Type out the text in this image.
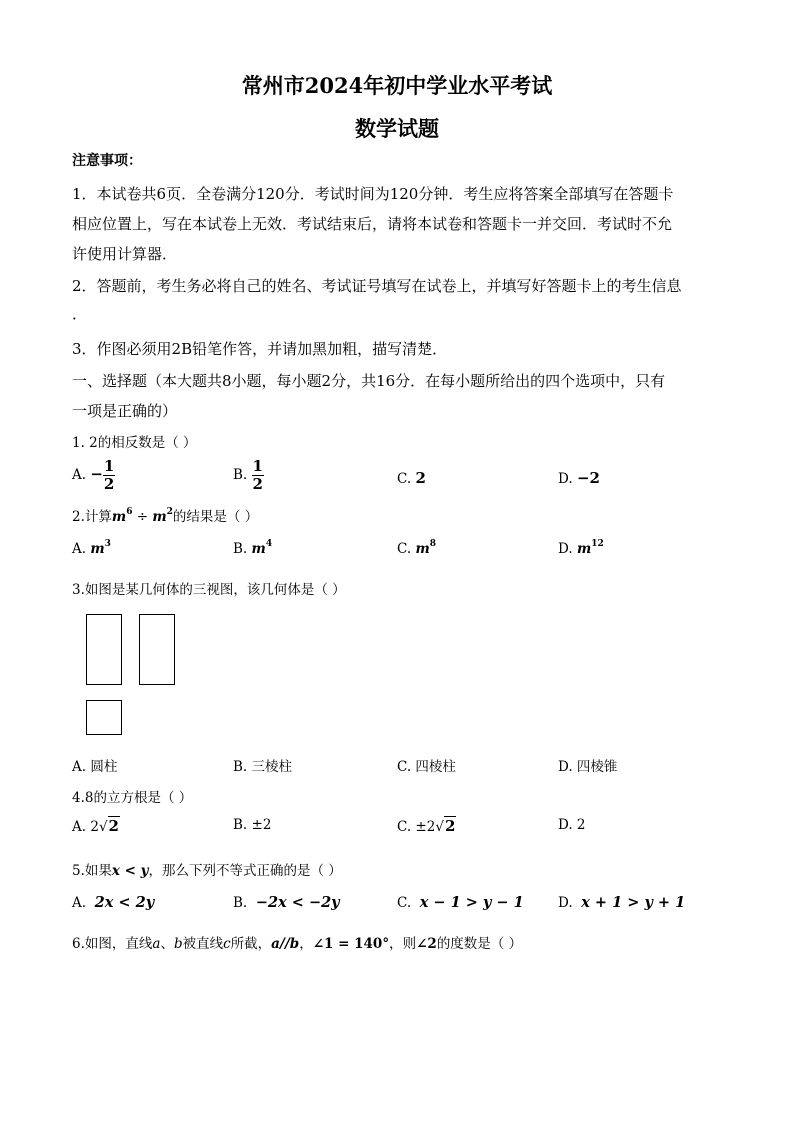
常州市2024年初中学业水平考试
数学试题
注意事项：
1．本试卷共6页．全卷满分120分．考试时间为120分钟．考生应将答案全部填写在答题卡
相应位置上，写在本试卷上无效．考试结束后，请将本试卷和答题卡一并交回．考试时不允
许使用计算器．
2．答题前，考生务必将自己的姓名、考试证号填写在试卷上，并填写好答题卡上的考生信息
．
3．作图必须用2B铅笔作答，并请加黑加粗，描写清楚．
一、选择题（本大题共8小题，每小题2分，共16分．在每小题所给出的四个选项中，只有
一项是正确的）
1. 2的相反数是（ ）
A. − $\frac{1}{2}$	B. $\frac{1}{2}$	C. 2	D. −2
2.计算$m^6 \div m^2$的结果是（ ）
A. $m^3$	B. $m^4$	C. $m^8$	D. $m^{12}$
3.如图是某几何体的三视图，该几何体是（ ）
A. 圆柱	B. 三棱柱	C. 四棱柱	D. 四棱锥
4.8的立方根是（ ）
A. 2√2	B. ±2	C. ±2√2	D. 2
5.如果x < y，那么下列不等式正确的是（ ）
A. 2x < 2y	B. −2x < −2y	C. x − 1 > y − 1	D. x + 1 > y + 1
6.如图，直线a、b被直线c所截，a//b，∠1 = 140°，则∠2的度数是（ ）
